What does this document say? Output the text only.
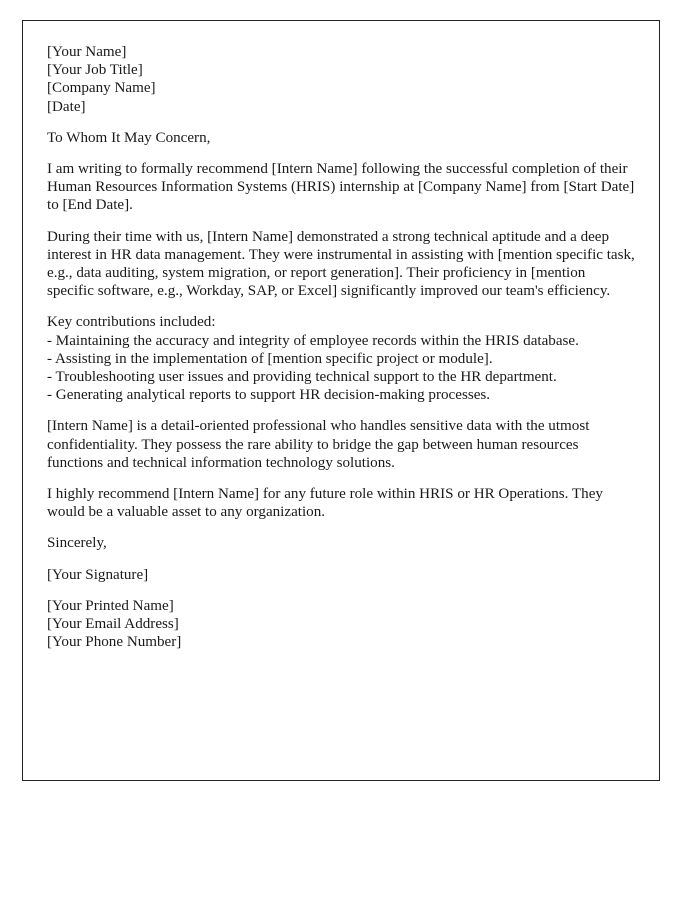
[Your Name]
[Your Job Title]
[Company Name]
[Date]
To Whom It May Concern,

I am writing to formally recommend [Intern Name] following the successful completion of their Human Resources Information Systems (HRIS) internship at [Company Name] from [Start Date] to [End Date].

During their time with us, [Intern Name] demonstrated a strong technical aptitude and a deep interest in HR data management. They were instrumental in assisting with [mention specific task, e.g., data auditing, system migration, or report generation]. Their proficiency in [mention specific software, e.g., Workday, SAP, or Excel] significantly improved our team's efficiency.

Key contributions included:
- Maintaining the accuracy and integrity of employee records within the HRIS database.
- Assisting in the implementation of [mention specific project or module].
- Troubleshooting user issues and providing technical support to the HR department.
- Generating analytical reports to support HR decision-making processes.

[Intern Name] is a detail-oriented professional who handles sensitive data with the utmost confidentiality. They possess the rare ability to bridge the gap between human resources functions and technical information technology solutions.

I highly recommend [Intern Name] for any future role within HRIS or HR Operations. They would be a valuable asset to any organization.

Sincerely,
[Your Signature]
[Your Printed Name]
[Your Email Address]
[Your Phone Number]
